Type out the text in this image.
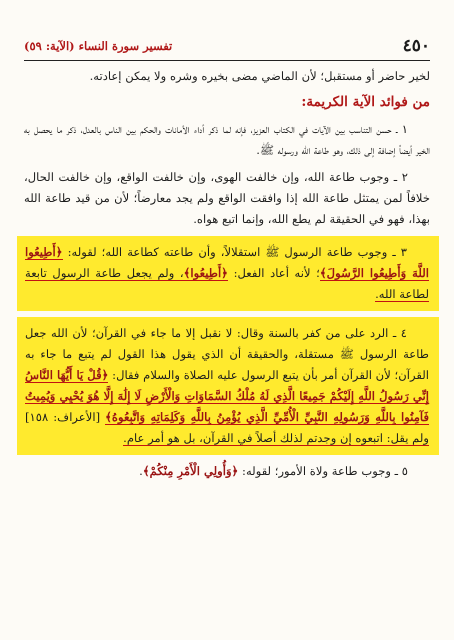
٤٥٠
تفسير سورة النساء (الآية: ٥٩)

لخير حاضر أو مستقبل؛ لأن الماضي مضى بخيره وشره ولا يمكن إعادته.

من فوائد الآية الكريمة:

١ ـ حسن التناسب بين الآيات في الكتاب العزيز، فإنه لما ذكر أداء الأمانات والحكم بين الناس بالعدل، ذكر ما يحصل به الخير أيضاً إضافة إلى ذلك، وهو طاعة الله ورسوله ﷺ.

٢ ـ وجوب طاعة الله، وإن خالفت الهوى، وإن خالفت الواقع، وإن خالفت الحال، خلافاً لمن يمتثل طاعة الله إذا وافقت الواقع ولم يجد معارضاً؛ لأن من قيد طاعة الله بهذا، فهو في الحقيقة لم يطع الله، وإنما اتبع هواه.

٣ ـ وجوب طاعة الرسول ﷺ استقلالاً، وأن طاعته كطاعة الله؛ لقوله: ﴿أَطِيعُوا اللَّهَ وَأَطِيعُوا الرَّسُولَ﴾؛ لأنه أعاد الفعل: ﴿أَطِيعُوا﴾، ولم يجعل طاعة الرسول تابعة لطاعة الله.

٤ ـ الرد على من كفر بالسنة وقال: لا نقبل إلا ما جاء في القرآن؛ لأن الله جعل طاعة الرسول ﷺ مستقلة، والحقيقة أن الذي يقول هذا القول لم يتبع ما جاء به القرآن؛ لأن القرآن أمر بأن يتبع الرسول عليه الصلاة والسلام فقال: ﴿قُلْ يَا أَيُّهَا النَّاسُ إِنِّي رَسُولُ اللَّهِ إِلَيْكُمْ جَمِيعًا الَّذِي لَهُ مُلْكُ السَّمَاوَاتِ وَالْأَرْضِ لَا إِلَٰهَ إِلَّا هُوَ يُحْيِي وَيُمِيتُ فَآمِنُوا بِاللَّهِ وَرَسُولِهِ النَّبِيِّ الْأُمِّيِّ الَّذِي يُؤْمِنُ بِاللَّهِ وَكَلِمَاتِهِ وَاتَّبِعُوهُ﴾ [الأعراف: ١٥٨] ولم يقل: اتبعوه إن وجدتم لذلك أصلاً في القرآن، بل هو أمر عام.

٥ ـ وجوب طاعة ولاة الأمور؛ لقوله: ﴿وَأُولِي الْأَمْرِ مِنْكُمْ﴾.
